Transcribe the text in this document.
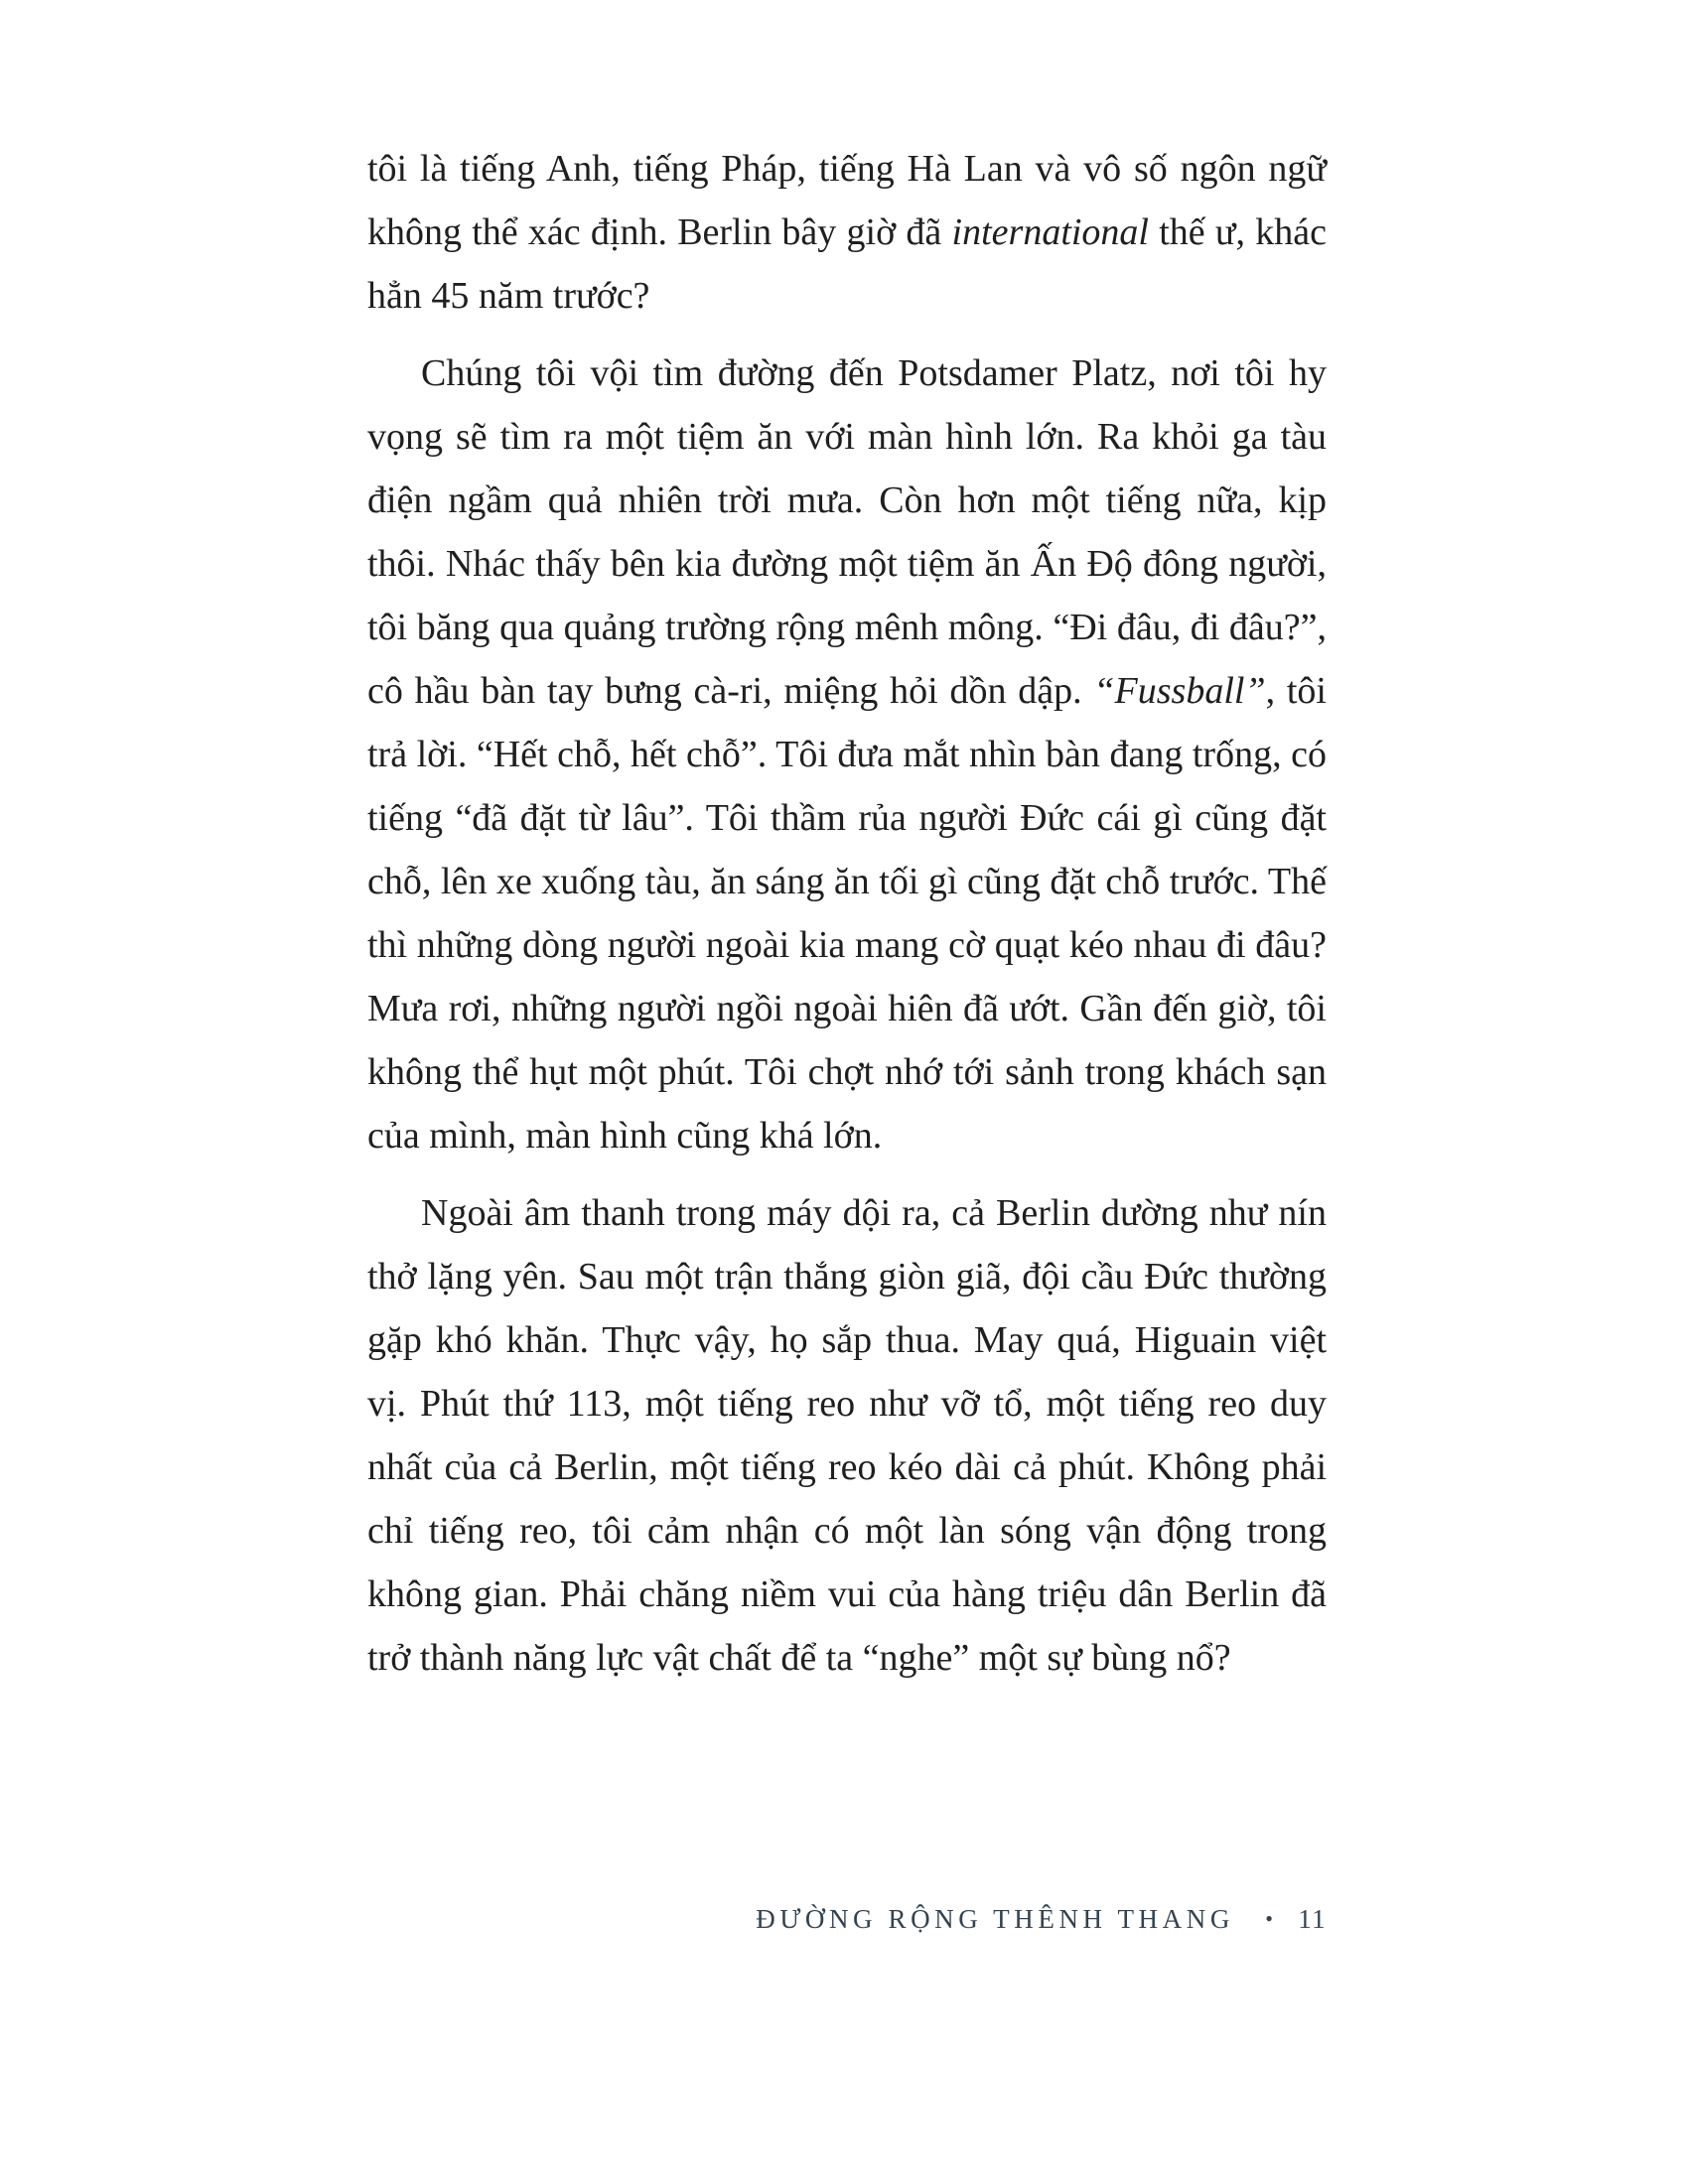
tôi là tiếng Anh, tiếng Pháp, tiếng Hà Lan và vô số ngôn ngữ không thể xác định. Berlin bây giờ đã international thế ư, khác hẳn 45 năm trước?

Chúng tôi vội tìm đường đến Potsdamer Platz, nơi tôi hy vọng sẽ tìm ra một tiệm ăn với màn hình lớn. Ra khỏi ga tàu điện ngầm quả nhiên trời mưa. Còn hơn một tiếng nữa, kịp thôi. Nhác thấy bên kia đường một tiệm ăn Ấn Độ đông người, tôi băng qua quảng trường rộng mênh mông. “Đi đâu, đi đâu?”, cô hầu bàn tay bưng cà-ri, miệng hỏi dồn dập. “Fussball”, tôi trả lời. “Hết chỗ, hết chỗ”. Tôi đưa mắt nhìn bàn đang trống, có tiếng “đã đặt từ lâu”. Tôi thầm rủa người Đức cái gì cũng đặt chỗ, lên xe xuống tàu, ăn sáng ăn tối gì cũng đặt chỗ trước. Thế thì những dòng người ngoài kia mang cờ quạt kéo nhau đi đâu? Mưa rơi, những người ngồi ngoài hiên đã ướt. Gần đến giờ, tôi không thể hụt một phút. Tôi chợt nhớ tới sảnh trong khách sạn của mình, màn hình cũng khá lớn.

Ngoài âm thanh trong máy dội ra, cả Berlin dường như nín thở lặng yên. Sau một trận thắng giòn giã, đội cầu Đức thường gặp khó khăn. Thực vậy, họ sắp thua. May quá, Higuain việt vị. Phút thứ 113, một tiếng reo như vỡ tổ, một tiếng reo duy nhất của cả Berlin, một tiếng reo kéo dài cả phút. Không phải chỉ tiếng reo, tôi cảm nhận có một làn sóng vận động trong không gian. Phải chăng niềm vui của hàng triệu dân Berlin đã trở thành năng lực vật chất để ta “nghe” một sự bùng nổ?

ĐƯỜNG RỘNG THÊNH THANG • 11
